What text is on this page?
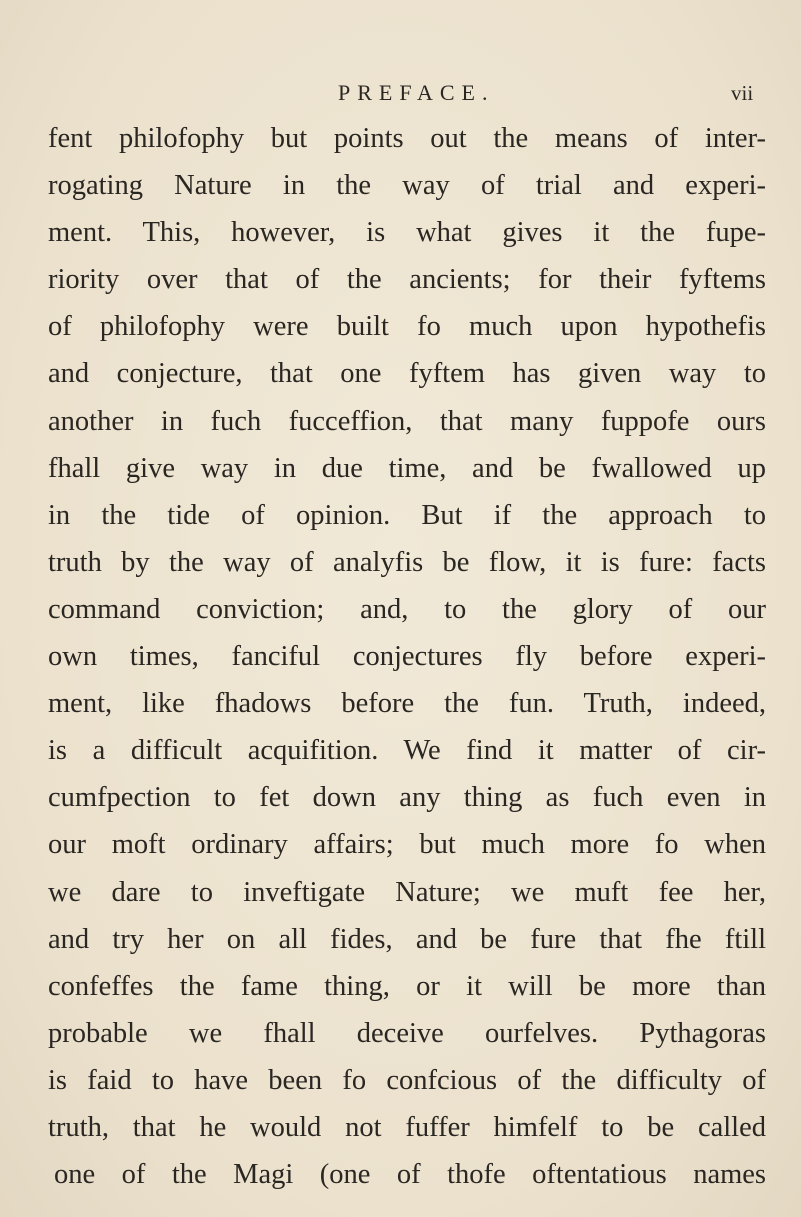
PREFACE.	vii
fent philofophy but points out the means of inter-
rogating Nature in the way of trial and experi-
ment. This, however, is what gives it the fupe-
riority over that of the ancients; for their fyftems
of philofophy were built fo much upon hypothefis
and conjecture, that one fyftem has given way to
another in fuch fucceffion, that many fuppofe ours
fhall give way in due time, and be fwallowed up
in the tide of opinion. But if the approach to
truth by the way of analyfis be flow, it is fure: facts
command conviction; and, to the glory of our
own times, fanciful conjectures fly before experi-
ment, like fhadows before the fun. Truth, indeed,
is a difficult acquifition. We find it matter of cir-
cumfpection to fet down any thing as fuch even in
our moft ordinary affairs; but much more fo when
we dare to inveftigate Nature; we muft fee her,
and try her on all fides, and be fure that fhe ftill
confeffes the fame thing, or it will be more than
probable we fhall deceive ourfelves. Pythagoras
is faid to have been fo confcious of the difficulty of
truth, that he would not fuffer himfelf to be called
one of the Magi (one of thofe oftentatious names
